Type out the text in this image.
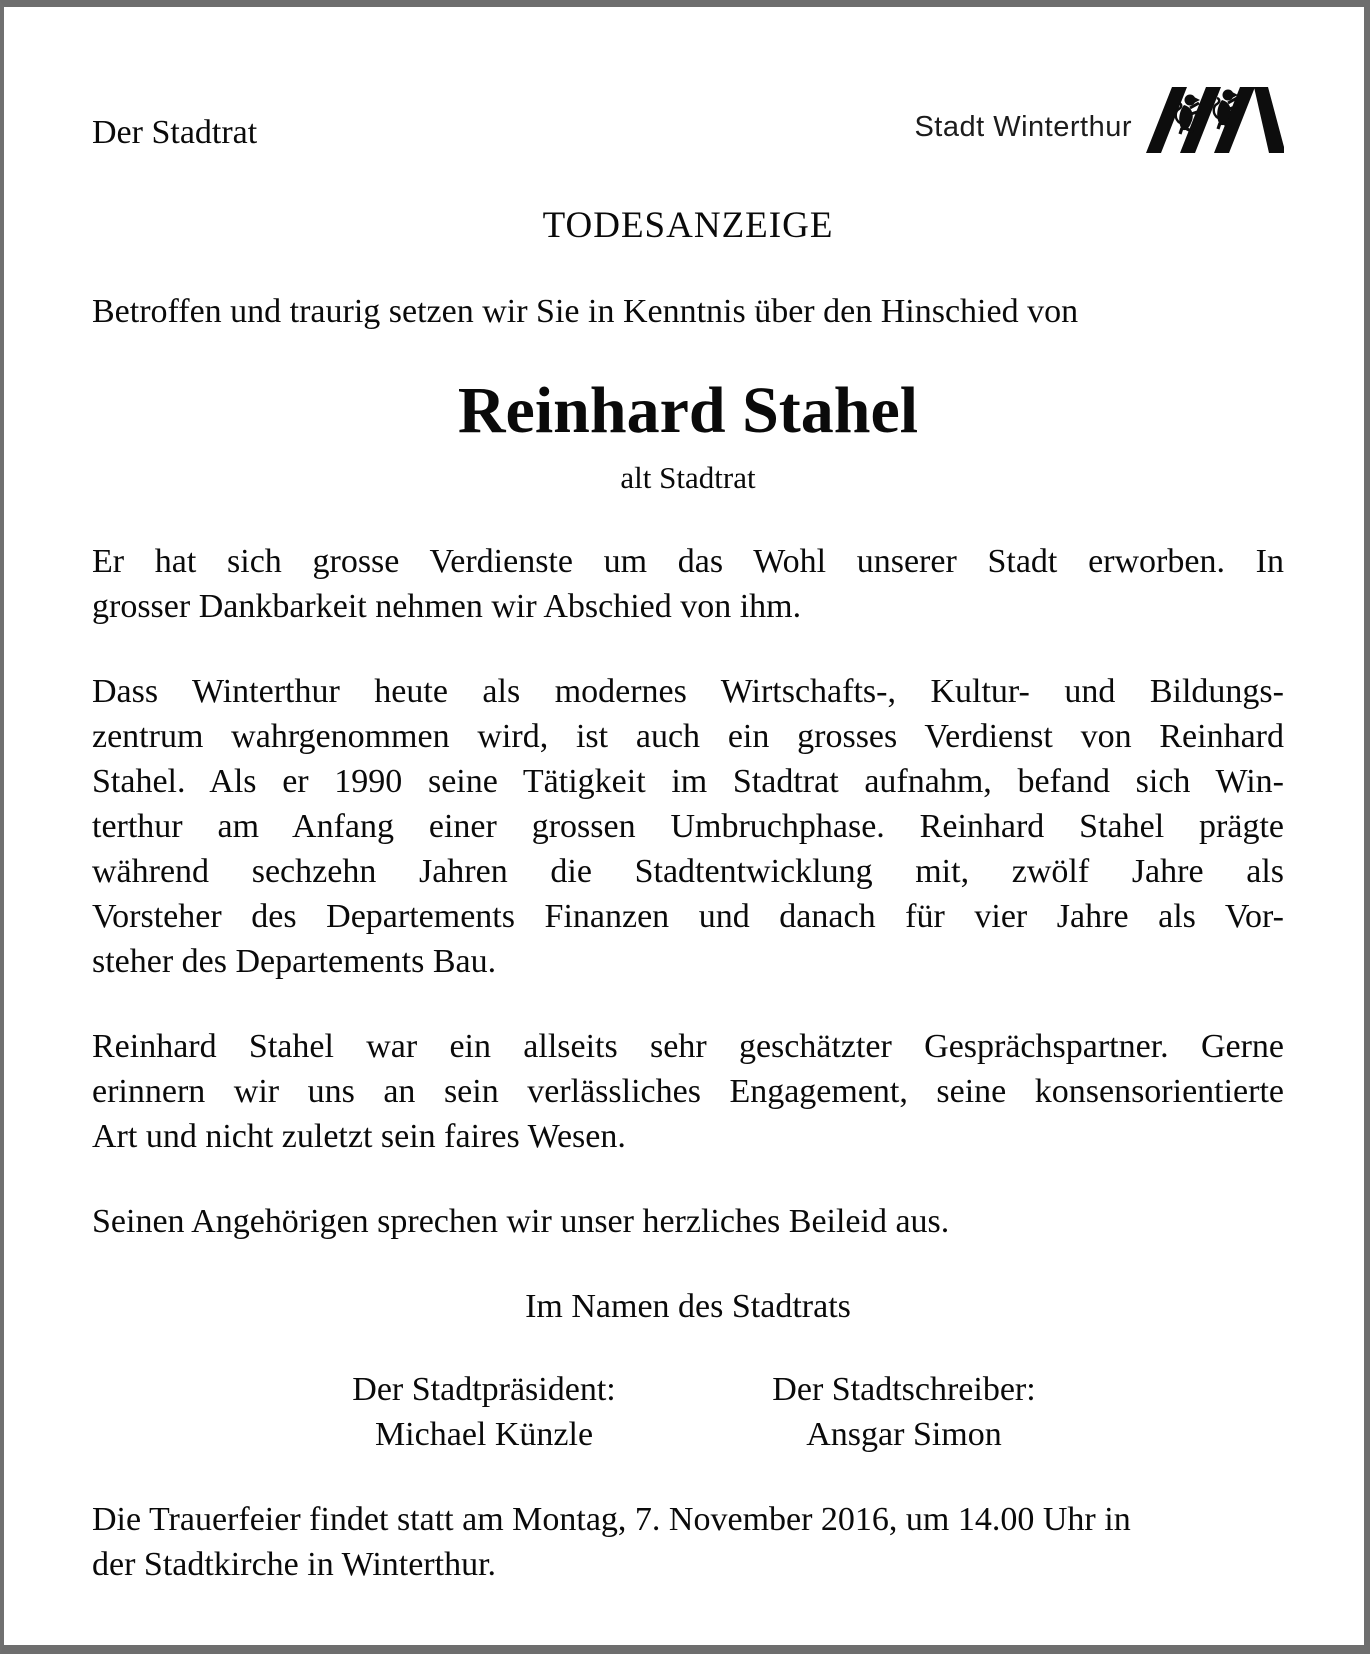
Der Stadtrat	Stadt Winterthur
TODESANZEIGE

Betroffen und traurig setzen wir Sie in Kenntnis über den Hinschied von

Reinhard Stahel
alt Stadtrat

Er hat sich grosse Verdienste um das Wohl unserer Stadt erworben. In
grosser Dankbarkeit nehmen wir Abschied von ihm.

Dass Winterthur heute als modernes Wirtschafts-, Kultur- und Bildungs-
zentrum wahrgenommen wird, ist auch ein grosses Verdienst von Reinhard
Stahel. Als er 1990 seine Tätigkeit im Stadtrat aufnahm, befand sich Win-
terthur am Anfang einer grossen Umbruchphase. Reinhard Stahel prägte
während sechzehn Jahren die Stadtentwicklung mit, zwölf Jahre als
Vorsteher des Departements Finanzen und danach für vier Jahre als Vor-
steher des Departements Bau.

Reinhard Stahel war ein allseits sehr geschätzter Gesprächspartner. Gerne
erinnern wir uns an sein verlässliches Engagement, seine konsensorientierte
Art und nicht zuletzt sein faires Wesen.

Seinen Angehörigen sprechen wir unser herzliches Beileid aus.

Im Namen des Stadtrats
Der Stadtpräsident:
Michael Künzle
Der Stadtschreiber:
Ansgar Simon

Die Trauerfeier findet statt am Montag, 7. November 2016, um 14.00 Uhr in
der Stadtkirche in Winterthur.
